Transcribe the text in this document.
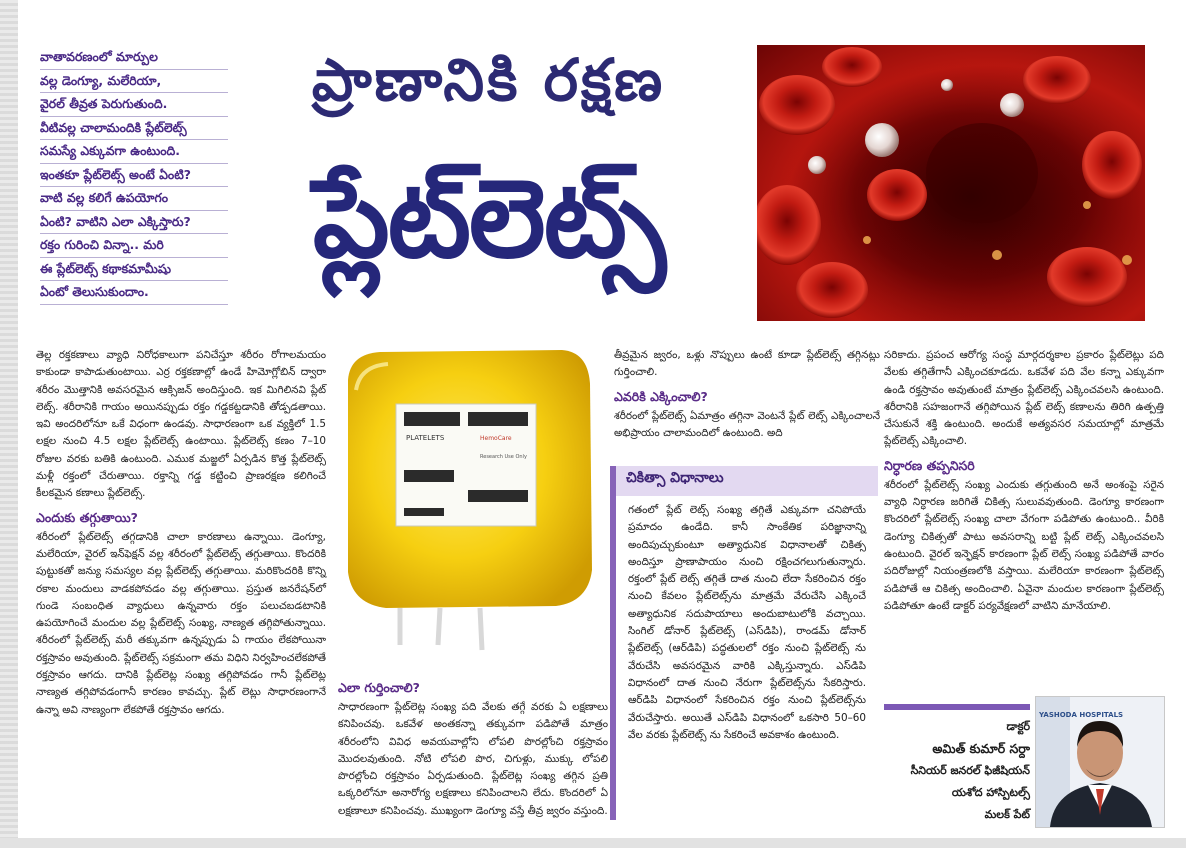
వాతావరణంలో మార్పుల

వల్ల డెంగ్యూ, మలేరియా,

వైరల్ తీవ్రత పెరుగుతుంది.

వీటివల్ల చాలామందికి ప్లేట్‌లెట్స్

సమస్యే ఎక్కువగా ఉంటుంది.

ఇంతకూ ప్లేట్‌లెట్స్ అంటే ఏంటి?

వాటి వల్ల కలిగే ఉపయోగం

ఏంటి? వాటిని ఎలా ఎక్కిస్తారు?

రక్తం గురించి విన్నా.. మరి

ఈ ప్లేట్‌లెట్స్ కథాకమామీషు

ఏంటో తెలుసుకుందాం.

ప్రాణానికి రక్షణ
ప్లేట్‌లెట్స్
PLATELETS	HemoCare
Research Use Only

తెల్ల రక్తకణాలు వ్యాధి నిరోధకాలుగా పనిచేస్తూ శరీరం రోగాలమయం కాకుండా కాపాడుతుంటాయి. ఎర్ర రక్తకణాల్లో ఉండే హిమోగ్లోబిన్ ద్వారా శరీరం మొత్తానికి అవసరమైన ఆక్సిజన్ అందిస్తుంది. ఇక మిగిలినవి ప్లేట్ లెట్స్. శరీరానికి గాయం అయినప్పుడు రక్తం గడ్డకట్టడానికి తోడ్పడతాయి. ఇవి అందరిలోనూ ఒకే విధంగా ఉండవు. సాధారణంగా ఒక వ్యక్తిలో 1.5 లక్షల నుంచి 4.5 లక్షల ప్లేట్‌లెట్స్ ఉంటాయి. ప్లేట్‌లెట్స్ కణం 7–10 రోజుల వరకు బతికి ఉంటుంది. ఎముక మజ్జలో ఏర్పడిన కొత్త ప్లేట్‌లెట్స్ మళ్లీ రక్తంలో చేరుతాయి. రక్తాన్ని గడ్డ కట్టించి ప్రాణరక్షణ కలిగించే కీలకమైన కణాలు ప్లేట్‌లెట్స్.

ఎందుకు తగ్గుతాయి?

శరీరంలో ప్లేట్‌లెట్స్ తగ్గడానికి చాలా కారణాలు ఉన్నాయి. డెంగ్యూ, మలేరియా, వైరల్ ఇన్‌ఫెక్షన్ వల్ల శరీరంలో ప్లేట్‌లెట్స్ తగ్గుతాయి. కొందరికి పుట్టుకతో జన్యు సమస్యల వల్ల ప్లేట్‌లెట్స్ తగ్గుతాయి. మరికొందరికి కొన్ని రకాల మందులు వాడకపోవడం వల్ల తగ్గుతాయి. ప్రస్తుత జనరేషన్‌లో గుండె సంబంధిత వ్యాధులు ఉన్నవారు రక్తం పలుచబడటానికి ఉపయోగించే మందుల వల్ల ప్లేట్‌లెట్స్ సంఖ్య, నాణ్యత తగ్గిపోతున్నాయి. శరీరంలో ప్లేట్‌లెట్స్ మరీ తక్కువగా ఉన్నప్పుడు ఏ గాయం లేకపోయినా రక్తస్రావం అవుతుంది. ప్లేట్‌లెట్స్ సక్రమంగా తమ విధిని నిర్వహించలేకపోతే రక్తస్రావం ఆగదు. దానికి ప్లేట్‌లెట్ల సంఖ్య తగ్గిపోవడం గానీ ప్లేట్‌లెట్ల నాణ్యత తగ్గిపోవడంగానీ కారణం కావచ్చు. ప్లేట్ లెట్లు సాధారణంగానే ఉన్నా అవి నాణ్యంగా లేకపోతే రక్తస్రావం ఆగదు.

ఎలా గుర్తించాలి?

సాధారణంగా ప్లేట్‌లెట్ల సంఖ్య పది వేలకు తగ్గే వరకు ఏ లక్షణాలు కనిపించవు. ఒకవేళ అంతకన్నా తక్కువగా పడిపోతే మాత్రం శరీరంలోని వివిధ అవయవాల్లోని లోపలి పొరల్లోంచి రక్తస్రావం మొదలవుతుంది. నోటి లోపలి పొర, చిగుళ్లు, ముక్కు లోపలి పొరల్లోంచి రక్తస్రావం ఏర్పడుతుంది. ప్లేట్‌లెట్ల సంఖ్య తగ్గిన ప్రతి ఒక్కరిలోనూ అనారోగ్య లక్షణాలు కనిపించాలని లేదు. కొందరిలో ఏ లక్షణాలూ కనిపించవు. ముఖ్యంగా డెంగ్యూ వస్తే తీవ్ర జ్వరం వస్తుంది.

తీవ్రమైన జ్వరం, ఒళ్లు నొప్పులు ఉంటే కూడా ప్లేట్‌లెట్స్ తగ్గినట్లు గుర్తించాలి.

ఎవరికి ఎక్కించాలి?

శరీరంలో ప్లేట్‌లెట్స్ ఏమాత్రం తగ్గినా వెంటనే ప్లేట్ లెట్స్ ఎక్కించాలనే అభిప్రాయం చాలామందిలో ఉంటుంది. అది

చికిత్సా విధానాలు
గతంలో ప్లేట్ లెట్స్ సంఖ్య తగ్గితే ఎక్కువగా చనిపోయే ప్రమాదం ఉండేది. కానీ సాంకేతిక పరిజ్ఞానాన్ని అందిపుచ్చుకుంటూ అత్యాధునిక విధానాలతో చికిత్స అందిస్తూ ప్రాణాపాయం నుంచి రక్షించగలుగుతున్నారు. రక్తంలో ప్లేట్ లెట్స్ తగ్గితే దాత నుంచి లేదా సేకరించిన రక్తం నుంచి కేవలం ప్లేట్‌లెట్స్‌ను మాత్రమే వేరుచేసి ఎక్కించే అత్యాధునిక సదుపాయాలు అందుబాటులోకి వచ్చాయి. సింగిల్ డోనార్ ప్లేట్‌లెట్స్ (ఎస్‌డిపి), రాండమ్ డోనార్ ప్లేట్‌లెట్స్ (ఆర్‌డిపి) పద్ధతులలో రక్తం నుంచి ప్లేట్‌లెట్స్ ను వేరుచేసి అవసరమైన వారికి ఎక్కిస్తున్నారు. ఎస్‌డిపి విధానంలో దాత నుంచి నేరుగా ప్లేట్‌లెట్స్‌ను సేకరిస్తారు. ఆర్‌డిపి విధానంలో సేకరించిన రక్తం నుంచి ప్లేట్‌లెట్స్‌ను వేరుచేస్తారు. అయితే ఎస్‌డిపి విధానంలో ఒకసారి 50–60 వేల వరకు ప్లేట్‌లెట్స్ ను సేకరించే అవకాశం ఉంటుంది.

సరికాదు. ప్రపంచ ఆరోగ్య సంస్థ మార్గదర్శకాల ప్రకారం ప్లేట్‌లెట్లు పది వేలకు తగ్గితేగానీ ఎక్కించకూడదు. ఒకవేళ పది వేల కన్నా ఎక్కువగా ఉండి రక్తస్రావం అవుతుంటే మాత్రం ప్లేట్‌లెట్స్ ఎక్కించవలసి ఉంటుంది. శరీరానికి సహజంగానే తగ్గిపోయిన ప్లేట్ లెట్స్ కణాలను తిరిగి ఉత్పత్తి చేసుకునే శక్తి ఉంటుంది. అందుకే అత్యవసర సమయాల్లో మాత్రమే ప్లేట్‌లెట్స్ ఎక్కించాలి.

నిర్ధారణ తప్పనిసరి

శరీరంలో ప్లేట్‌లెట్స్ సంఖ్య ఎందుకు తగ్గుతుంది అనే అంశంపై సరైన వ్యాధి నిర్ధారణ జరిగితే చికిత్స సులువవుతుంది. డెంగ్యూ కారణంగా కొందరిలో ప్లేట్‌లెట్స్ సంఖ్య చాలా వేగంగా పడిపోతు ఉంటుంది.. వీరికి డెంగ్యూ చికిత్సతో పాటు అవసరాన్ని బట్టి ప్లేట్ లెట్స్ ఎక్కించవలసి ఉంటుంది. వైరల్ ఇన్ఫెక్షన్ కారణంగా ప్లేట్ లెట్స్ సంఖ్య పడిపోతే వారం పదిరోజుల్లో నియంత్రణలోకి వస్తాయి. మలేరియా కారణంగా ప్లేట్‌లెట్స్ పడిపోతే ఆ చికిత్స అందించాలి. ఏవైనా మందుల కారణంగా ప్లేట్‌లెట్స్ పడిపోతూ ఉంటే డాక్టర్ పర్యవేక్షణలో వాటిని మానేయాలి.

డాక్టర్
అమిత్ కుమార్ సర్దా
సీనియర్ జనరల్ ఫిజీషియన్
యశోద హాస్పిటల్స్
మలక్ పేట్
YASHODA HOSPITALS
